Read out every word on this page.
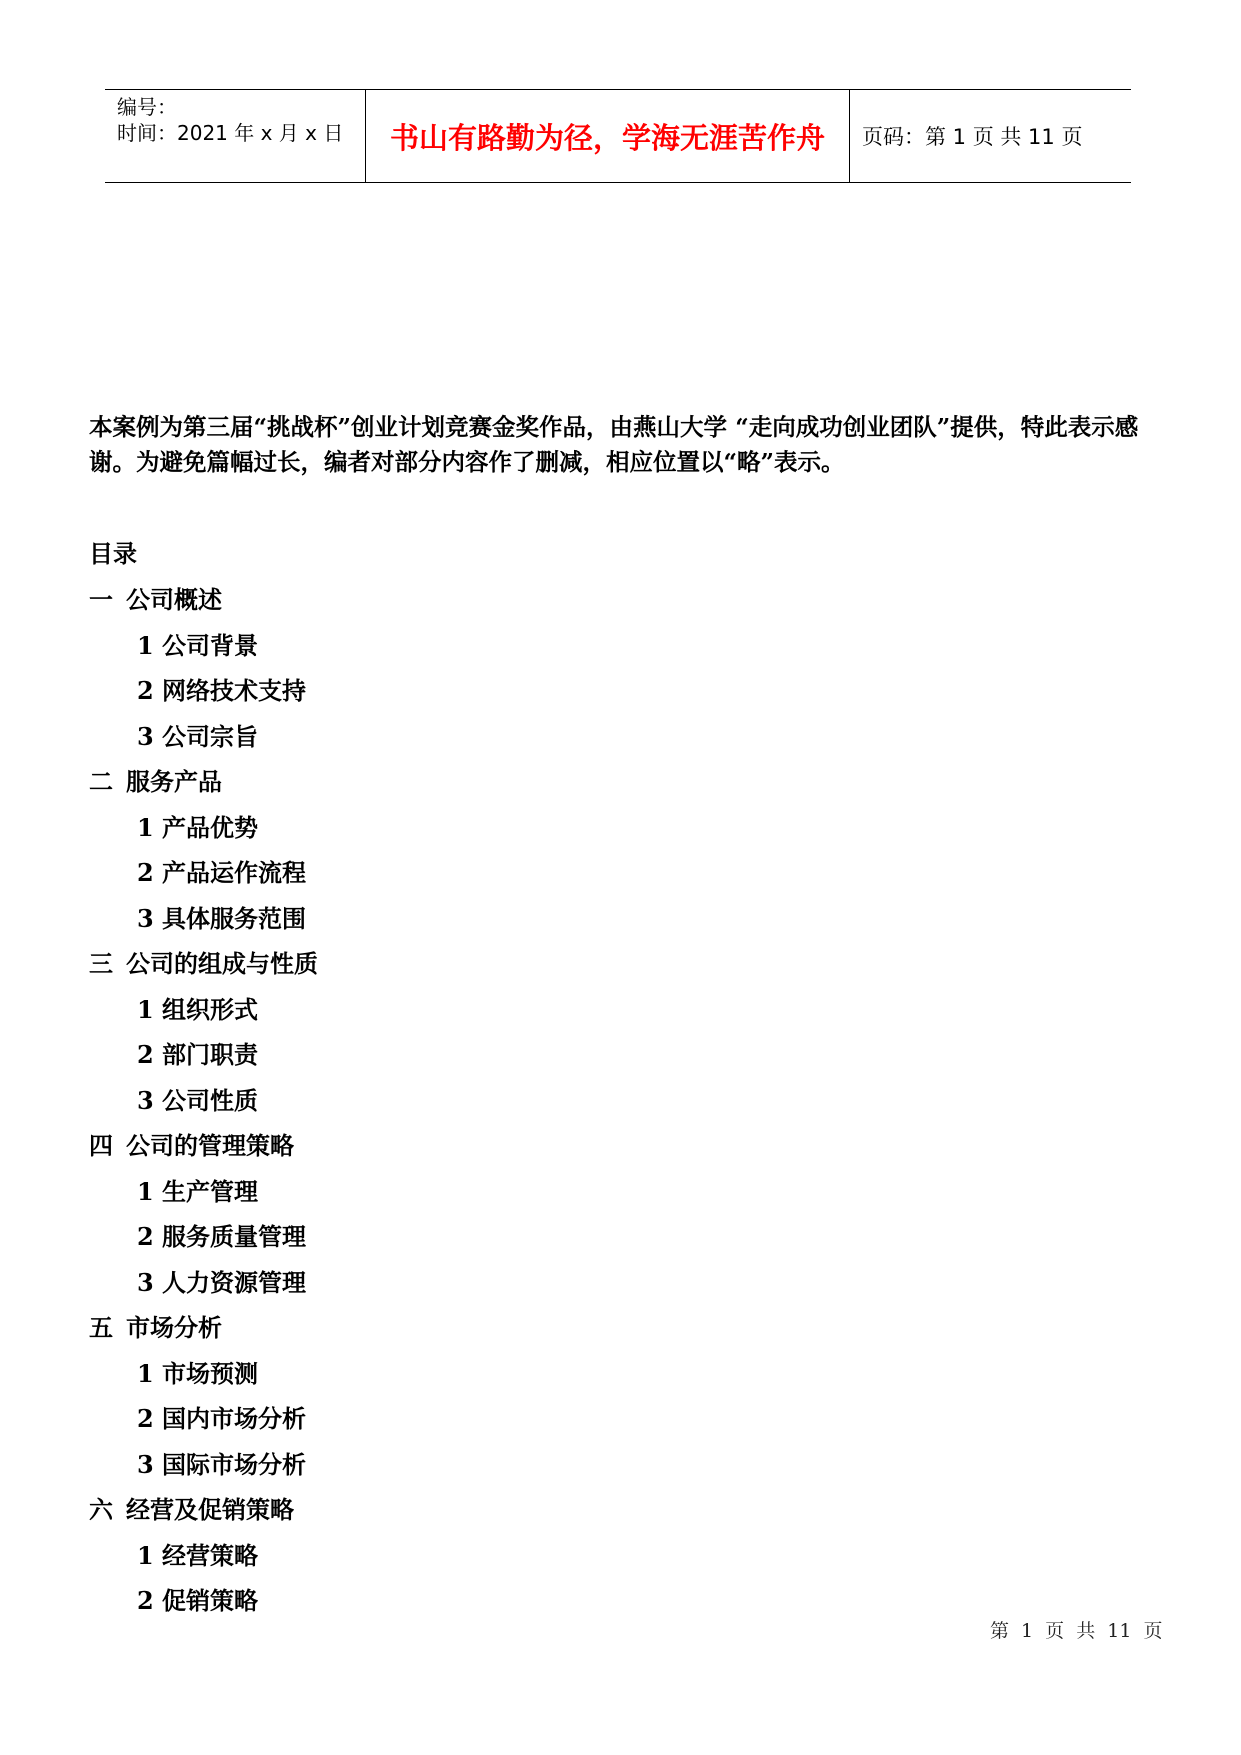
编号：
时间：2021 年 x 月 x 日 书山有路勤为径，学海无涯苦作舟	页码：第 1 页 共 11 页
本案例为第三届“挑战杯”创业计划竞赛金奖作品，由燕山大学 “走向成功创业团队”提供，特此表示感谢。为避免篇幅过长，编者对部分内容作了删减，相应位置以“略”表示。
目录
一 公司概述
1 公司背景
2 网络技术支持
3 公司宗旨
二 服务产品
1 产品优势
2 产品运作流程
3 具体服务范围
三 公司的组成与性质
1 组织形式
2 部门职责
3 公司性质
四 公司的管理策略
1 生产管理
2 服务质量管理
3 人力资源管理
五 市场分析
1 市场预测
2 国内市场分析
3 国际市场分析
六 经营及促销策略
1 经营策略
2 促销策略
第 1 页 共 11 页
